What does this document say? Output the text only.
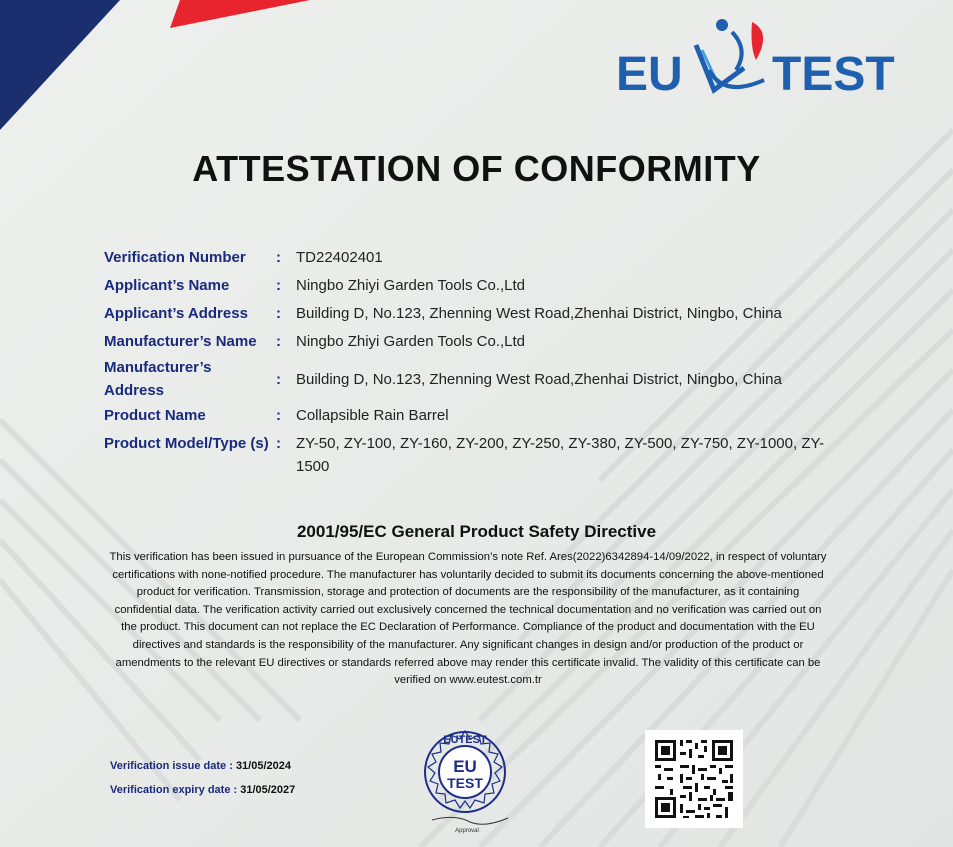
EU TEST
ATTESTATION OF CONFORMITY
Verification Number	:	TD22402401
Applicant’s Name	:	Ningbo Zhiyi Garden Tools Co.,Ltd
Applicant’s Address	:	Building D, No.123, Zhenning West Road,Zhenhai District, Ningbo, China
Manufacturer’s Name	:	Ningbo Zhiyi Garden Tools Co.,Ltd
Manufacturer’s Address
:	Building D, No.123, Zhenning West Road,Zhenhai District, Ningbo, China
Product Name	:	Collapsible Rain Barrel
Product Model/Type (s) :	ZY-50, ZY-100, ZY-160, ZY-200, ZY-250, ZY-380, ZY-500, ZY-750, ZY-1000, ZY-1500
2001/95/EC General Product Safety Directive
This verification has been issued in pursuance of the European Commission’s note Ref. Ares(2022)6342894-14/09/2022, in respect of voluntary certifications with none-notified procedure. The manufacturer has voluntarily decided to submit its documents concerning the above-mentioned product for verification. Transmission, storage and protection of documents are the responsibility of the manufacturer, as it containing confidential data. The verification activity carried out exclusively concerned the technical documentation and no verification was carried out on the product. This document can not replace the EC Declaration of Performance. Compliance of the product and documentation with the EU directives and standards is the responsibility of the manufacturer. Any significant changes in design and/or production of the product or amendments to the relevant EU directives or standards referred above may render this certificate invalid. The validity of this certificate can be verified on www.eutest.com.tr
Verification issue date : 31/05/2024
Verification expiry date : 31/05/2027
EUTEST
EU
TEST
Approval
